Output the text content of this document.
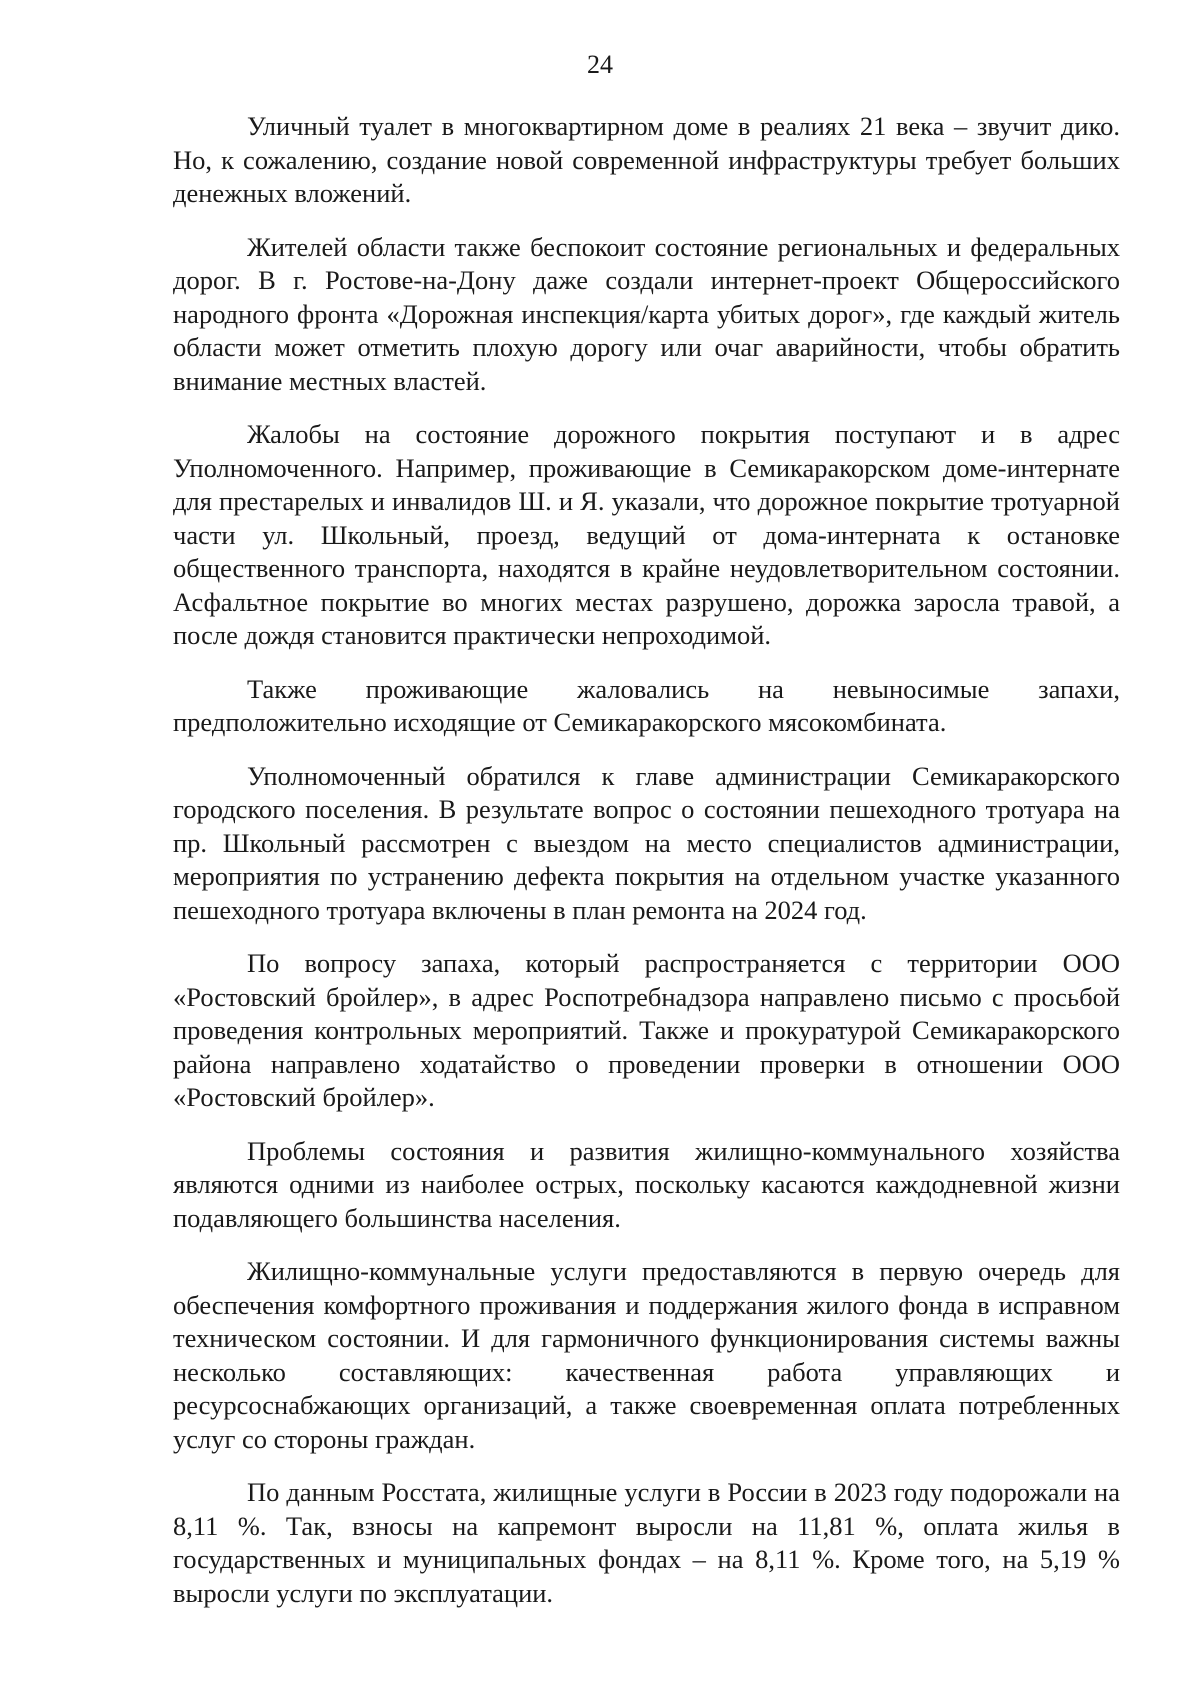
24

Уличный туалет в многоквартирном доме в реалиях 21 века – звучит дико. Но, к сожалению, создание новой современной инфраструктуры требует больших денежных вложений.

Жителей области также беспокоит состояние региональных и федеральных дорог. В г. Ростове-на-Дону даже создали интернет-проект Общероссийского народного фронта «Дорожная инспекция/карта убитых дорог», где каждый житель области может отметить плохую дорогу или очаг аварийности, чтобы обратить внимание местных властей.

Жалобы на состояние дорожного покрытия поступают и в адрес Уполномоченного. Например, проживающие в Семикаракорском доме-интернате для престарелых и инвалидов Ш. и Я. указали, что дорожное покрытие тротуарной части ул. Школьный, проезд, ведущий от дома-интерната к остановке общественного транспорта, находятся в крайне неудовлетворительном состоянии. Асфальтное покрытие во многих местах разрушено, дорожка заросла травой, а после дождя становится практически непроходимой.

Также проживающие жаловались на невыносимые запахи, предположительно исходящие от Семикаракорского мясокомбината.

Уполномоченный обратился к главе администрации Семикаракорского городского поселения. В результате вопрос о состоянии пешеходного тротуара на пр. Школьный рассмотрен с выездом на место специалистов администрации, мероприятия по устранению дефекта покрытия на отдельном участке указанного пешеходного тротуара включены в план ремонта на 2024 год.

По вопросу запаха, который распространяется с территории ООО «Ростовский бройлер», в адрес Роспотребнадзора направлено письмо с просьбой проведения контрольных мероприятий. Также и прокуратурой Семикаракорского района направлено ходатайство о проведении проверки в отношении ООО «Ростовский бройлер».

Проблемы состояния и развития жилищно-коммунального хозяйства являются одними из наиболее острых, поскольку касаются каждодневной жизни подавляющего большинства населения.

Жилищно-коммунальные услуги предоставляются в первую очередь для обеспечения комфортного проживания и поддержания жилого фонда в исправном техническом состоянии. И для гармоничного функционирования системы важны несколько составляющих: качественная работа управляющих и ресурсоснабжающих организаций, а также своевременная оплата потребленных услуг со стороны граждан.

По данным Росстата, жилищные услуги в России в 2023 году подорожали на 8,11 %. Так, взносы на капремонт выросли на 11,81 %, оплата жилья в государственных и муниципальных фондах – на 8,11 %. Кроме того, на 5,19 % выросли услуги по эксплуатации.
